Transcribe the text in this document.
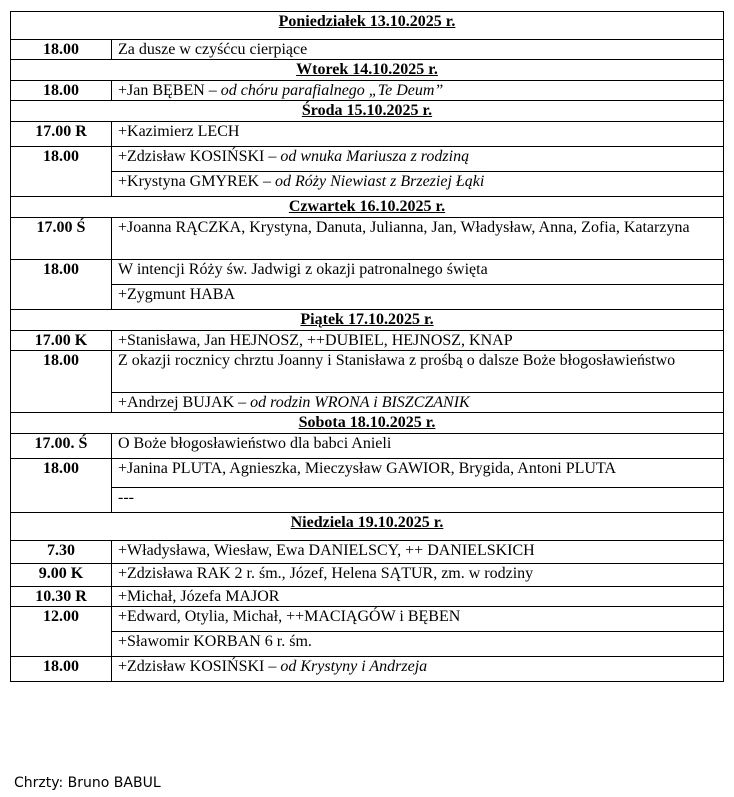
Poniedziałek 13.10.2025 r.	
18.00	Za dusze w czyśćcu cierpiące
Wtorek 14.10.2025 r.	
18.00	+Jan BĘBEN – od chóru parafialnego „Te Deum”
Środa 15.10.2025 r.	
17.00 R	+Kazimierz LECH
18.00	+Zdzisław KOSIŃSKI – od wnuka Mariusza z rodziną
	+Krystyna GMYREK – od Róży Niewiast z Brzeziej Łąki
Czwartek 16.10.2025 r.	
17.00 Ś	+Joanna RĄCZKA, Krystyna, Danuta, Julianna, Jan, Władysław, Anna, Zofia, Katarzyna
18.00	W intencji Róży św. Jadwigi z okazji patronalnego święta
	+Zygmunt HABA
Piątek 17.10.2025 r.	
17.00 K	+Stanisława, Jan HEJNOSZ, ++DUBIEL, HEJNOSZ, KNAP
18.00	Z okazji rocznicy chrztu Joanny i Stanisława z prośbą o dalsze Boże błogosławieństwo
	+Andrzej BUJAK – od rodzin WRONA i BISZCZANIK
Sobota 18.10.2025 r.	
17.00. Ś	O Boże błogosławieństwo dla babci Anieli
18.00	+Janina PLUTA, Agnieszka, Mieczysław GAWIOR, Brygida, Antoni PLUTA
	---
Niedziela 19.10.2025 r.	
7.30	+Władysława, Wiesław, Ewa DANIELSCY, ++ DANIELSKICH
9.00 K	+Zdzisława RAK 2 r. śm., Józef, Helena SĄTUR, zm. w rodziny
10.30 R	+Michał, Józefa MAJOR
12.00	+Edward, Otylia, Michał, ++MACIĄGÓW i BĘBEN
	+Sławomir KORBAN 6 r. śm.
18.00	+Zdzisław KOSIŃSKI – od Krystyny i Andrzeja
Chrzty: Bruno BABUL
